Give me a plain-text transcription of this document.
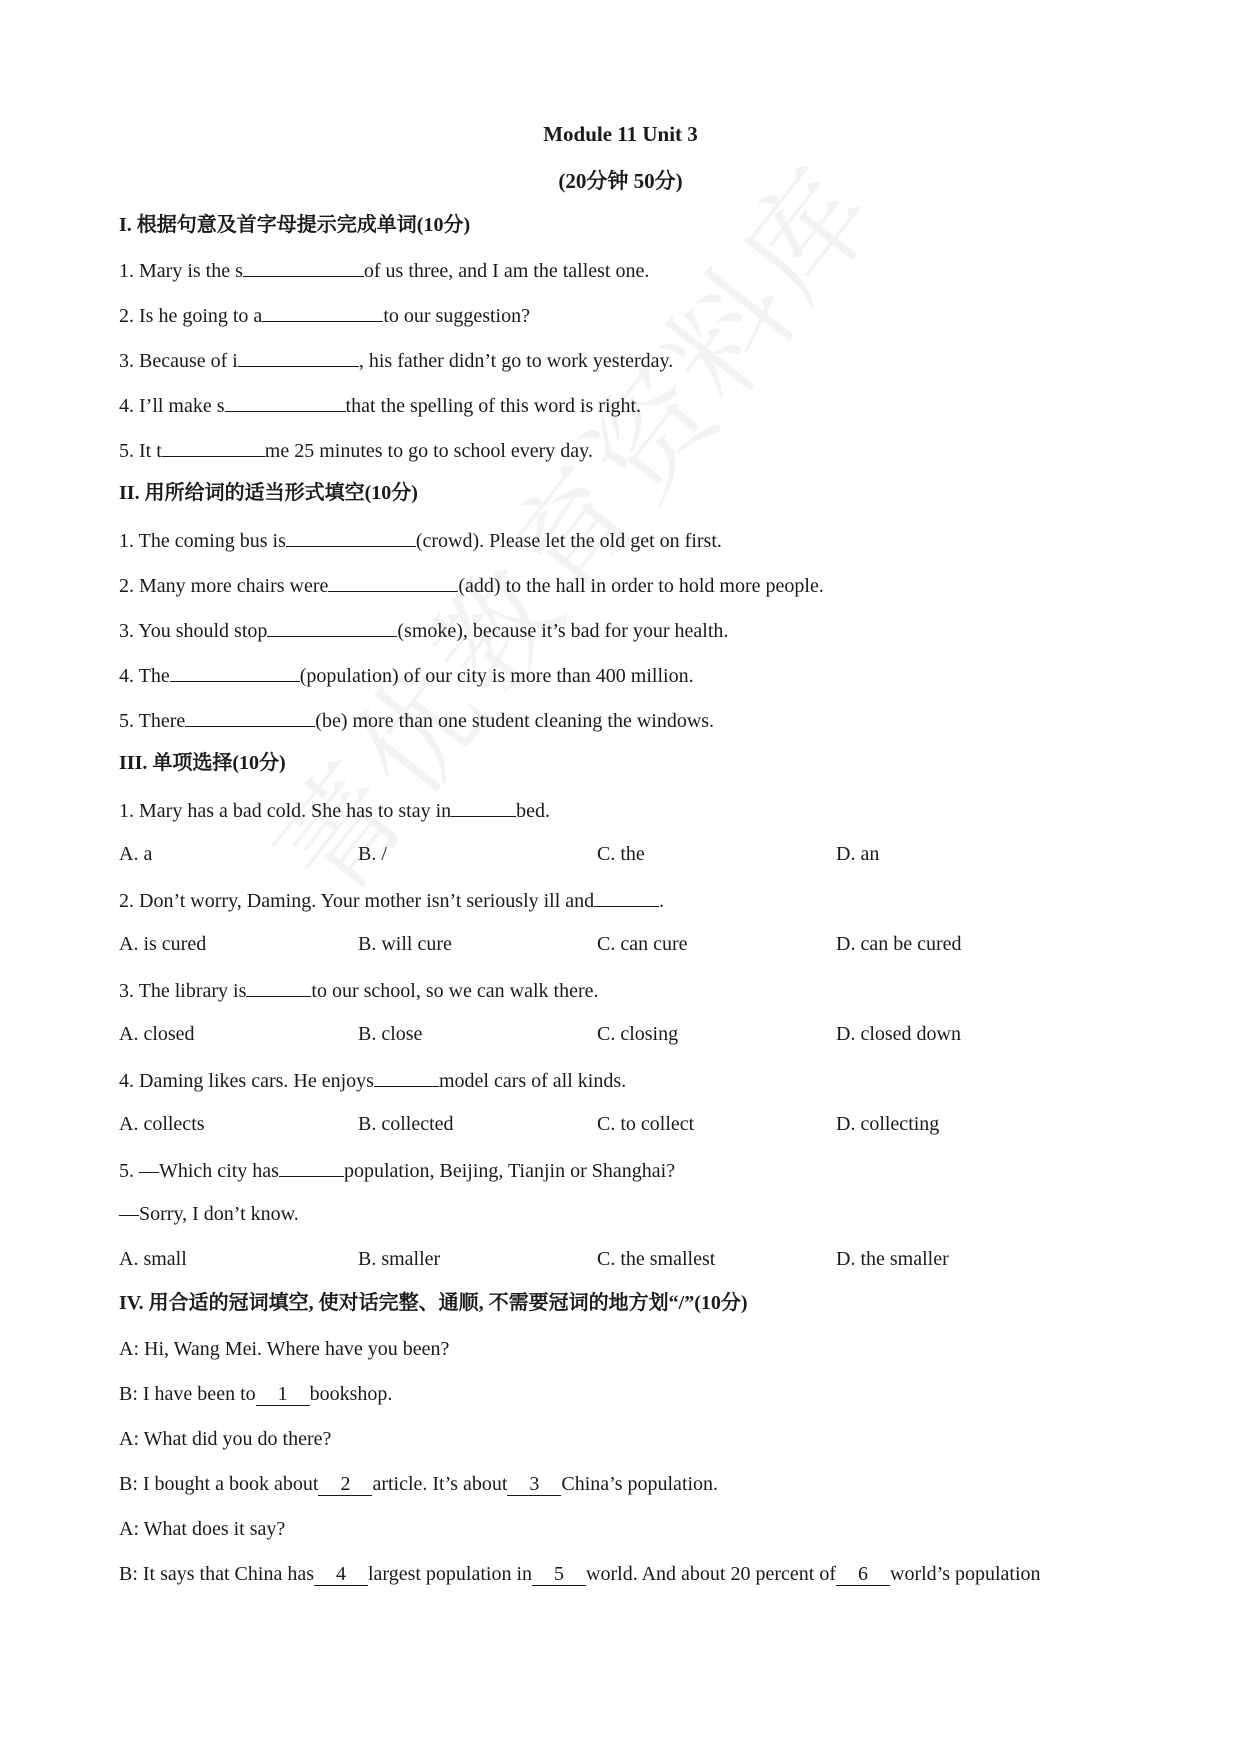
Module 11 Unit 3
(20分钟 50分)
I. 根据句意及首字母提示完成单词(10分)
1. Mary is the s	of us three, and I am the tallest one.
2. Is he going to a	to our suggestion?
3. Because of i	, his father didn’t go to work yesterday.
4. I’ll make s	that the spelling of this word is right.
5. It t	me 25 minutes to go to school every day.
II. 用所给词的适当形式填空(10分)
1. The coming bus is	(crowd). Please let the old get on first.
2. Many more chairs were	(add) to the hall in order to hold more people.
3. You should stop	(smoke), because it’s bad for your health.
4. The	(population) of our city is more than 400 million.
5. There	(be) more than one student cleaning the windows.
III. 单项选择(10分)
1. Mary has a bad cold. She has to stay in	bed.
A. a	B. /	C. the	D. an
2. Don’t worry, Daming. Your mother isn’t seriously ill and	.
A. is cured	B. will cure	C. can cure	D. can be cured
3. The library is	to our school, so we can walk there.
A. closed	B. close	C. closing	D. closed down
4. Daming likes cars. He enjoys	model cars of all kinds.
A. collects	B. collected	C. to collect	D. collecting
5. —Which city has	population, Beijing, Tianjin or Shanghai?
—Sorry, I don’t know.
A. small	B. smaller	C. the smallest	D. the smaller
IV. 用合适的冠词填空, 使对话完整、通顺, 不需要冠词的地方划“/”(10分)
A: Hi, Wang Mei. Where have you been?
B: I have been to 1 bookshop.
A: What did you do there?
B: I bought a book about 2 article. It’s about 3 China’s population.
A: What does it say?
B: It says that China has 4 largest population in 5 world. And about 20 percent of 6 world’s population
